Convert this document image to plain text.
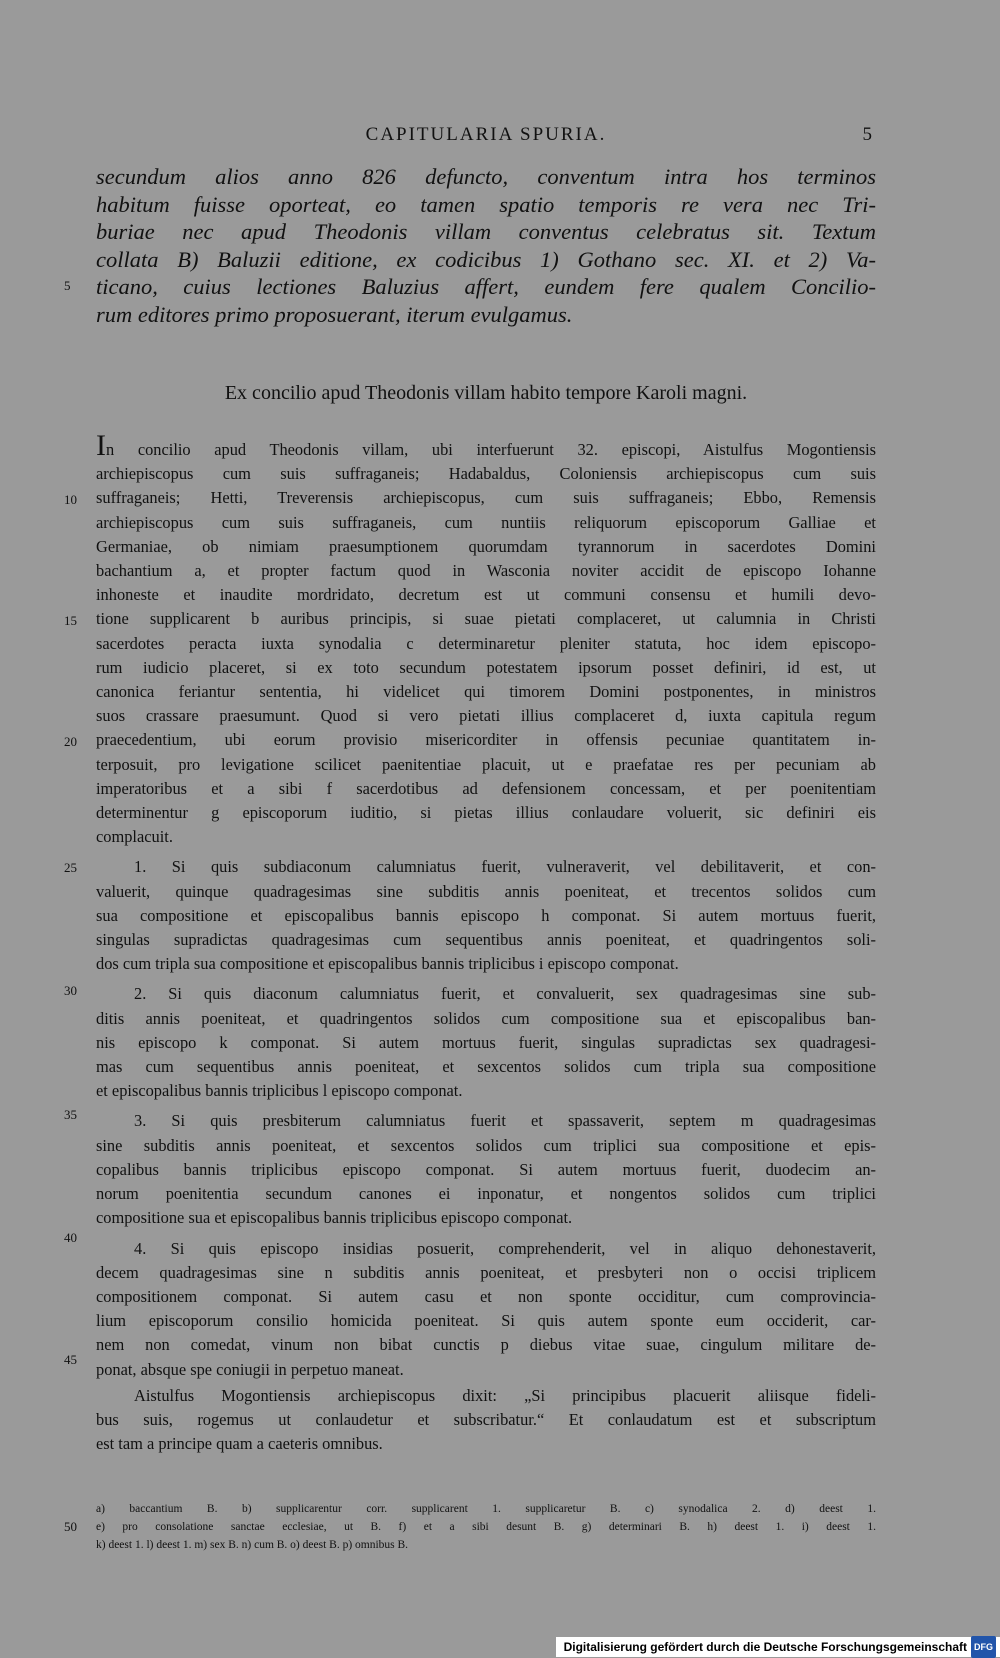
CAPITULARIA SPURIA.	5
secundum alios anno 826 defuncto, conventum intra hos terminos
habitum fuisse oporteat, eo tamen spatio temporis re vera nec Tri-
buriae nec apud Theodonis villam conventus celebratus sit. Textum
collata B) Baluzii editione, ex codicibus 1) Gothano sec. XI. et 2) Va-
ticano, cuius lectiones Baluzius affert, eundem fere qualem Concilio-
rum editores primo proposuerant, iterum evulgamus.
5
Ex concilio apud Theodonis villam habito tempore Karoli magni.
In concilio apud Theodonis villam, ubi interfuerunt 32. episcopi, Aistulfus Mogontiensis
archiepiscopus cum suis suffraganeis; Hadabaldus, Coloniensis archiepiscopus cum suis
suffraganeis; Hetti, Treverensis archiepiscopus, cum suis suffraganeis; Ebbo, Remensis
archiepiscopus cum suis suffraganeis, cum nuntiis reliquorum episcoporum Galliae et
Germaniae, ob nimiam praesumptionem quorumdam tyrannorum in sacerdotes Domini
bachantium a, et propter factum quod in Wasconia noviter accidit de episcopo Iohanne
inhoneste et inaudite mordridato, decretum est ut communi consensu et humili devo-
tione supplicarent b auribus principis, si suae pietati complaceret, ut calumnia in Christi
sacerdotes peracta iuxta synodalia c determinaretur pleniter statuta, hoc idem episcopo-
rum iudicio placeret, si ex toto secundum potestatem ipsorum posset definiri, id est, ut
canonica feriantur sententia, hi videlicet qui timorem Domini postponentes, in ministros
suos crassare praesumunt. Quod si vero pietati illius complaceret d, iuxta capitula regum
praecedentium, ubi eorum provisio misericorditer in offensis pecuniae quantitatem in-
terposuit, pro levigatione scilicet paenitentiae placuit, ut e praefatae res per pecuniam ab
imperatoribus et a sibi f sacerdotibus ad defensionem concessam, et per poenitentiam
determinentur g episcoporum iuditio, si pietas illius conlaudare voluerit, sic definiri eis
complacuit.
1. Si quis subdiaconum calumniatus fuerit, vulneraverit, vel debilitaverit, et con-
valuerit, quinque quadragesimas sine subditis annis poeniteat, et trecentos solidos cum
sua compositione et episcopalibus bannis episcopo h componat. Si autem mortuus fuerit,
singulas supradictas quadragesimas cum sequentibus annis poeniteat, et quadringentos soli-
dos cum tripla sua compositione et episcopalibus bannis triplicibus i episcopo componat.
2. Si quis diaconum calumniatus fuerit, et convaluerit, sex quadragesimas sine sub-
ditis annis poeniteat, et quadringentos solidos cum compositione sua et episcopalibus ban-
nis episcopo k componat. Si autem mortuus fuerit, singulas supradictas sex quadragesi-
mas cum sequentibus annis poeniteat, et sexcentos solidos cum tripla sua compositione
et episcopalibus bannis triplicibus l episcopo componat.
3. Si quis presbiterum calumniatus fuerit et spassaverit, septem m quadragesimas
sine subditis annis poeniteat, et sexcentos solidos cum triplici sua compositione et epis-
copalibus bannis triplicibus episcopo componat. Si autem mortuus fuerit, duodecim an-
norum poenitentia secundum canones ei inponatur, et nongentos solidos cum triplici
compositione sua et episcopalibus bannis triplicibus episcopo componat.
4. Si quis episcopo insidias posuerit, comprehenderit, vel in aliquo dehonestaverit,
decem quadragesimas sine n subditis annis poeniteat, et presbyteri non o occisi triplicem
compositionem componat. Si autem casu et non sponte occiditur, cum comprovincia-
lium episcoporum consilio homicida poeniteat. Si quis autem sponte eum occiderit, car-
nem non comedat, vinum non bibat cunctis p diebus vitae suae, cingulum militare de-
ponat, absque spe coniugii in perpetuo maneat.
Aistulfus Mogontiensis archiepiscopus dixit: „Si principibus placuerit aliisque fideli-
bus suis, rogemus ut conlaudetur et subscribatur.“ Et conlaudatum est et subscriptum
est tam a principe quam a caeteris omnibus.
10
15
20
25
30
35
40
45
a) baccantium B. b) supplicarentur corr. supplicarent 1. supplicaretur B. c) synodalica 2. d) deest 1.
e) pro consolatione sanctae ecclesiae, ut B. f) et a sibi desunt B. g) determinari B. h) deest 1. i) deest 1.
k) deest 1. l) deest 1. m) sex B. n) cum B. o) deest B. p) omnibus B.
50
Digitalisierung gefördert durch die Deutsche Forschungsgemeinschaft DFG
